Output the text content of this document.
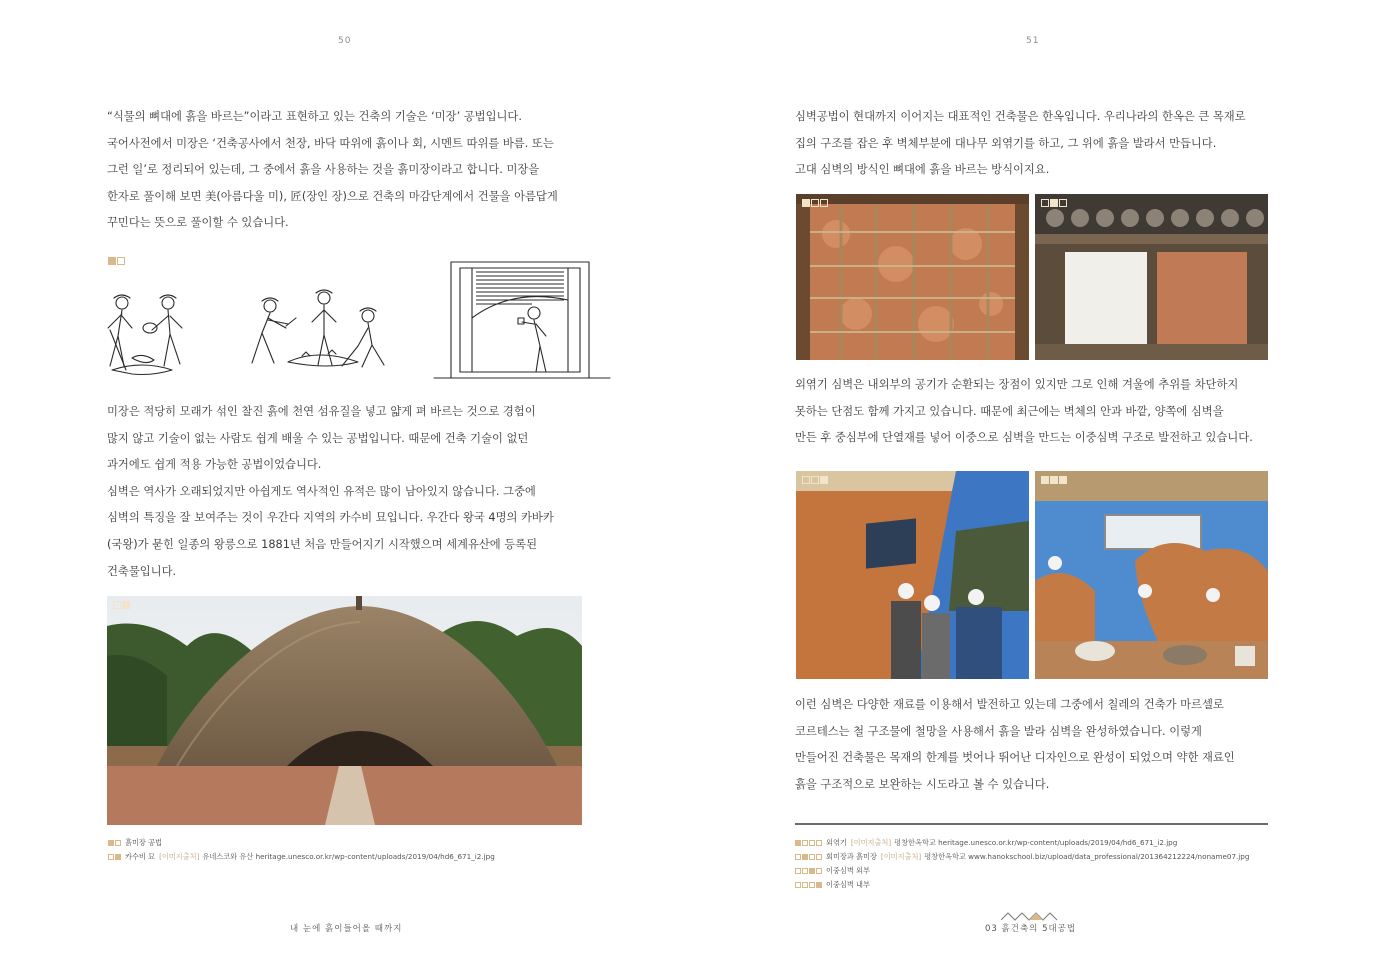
50

“식물의 뼈대에 흙을 바르는”이라고 표현하고 있는 건축의 기술은 ‘미장’ 공법입니다.

국어사전에서 미장은 ‘건축공사에서 천장, 바닥 따위에 흙이나 회, 시멘트 따위를 바름. 또는

그런 일’로 정리되어 있는데, 그 중에서 흙을 사용하는 것을 흙미장이라고 합니다. 미장을

한자로 풀이해 보면 美(아름다울 미), 匠(장인 장)으로 건축의 마감단계에서 건물을 아름답게

꾸민다는 뜻으로 풀이할 수 있습니다.

미장은 적당히 모래가 섞인 찰진 흙에 천연 섬유질을 넣고 얇게 펴 바르는 것으로 경험이

많지 않고 기술이 없는 사람도 쉽게 배울 수 있는 공법입니다. 때문에 건축 기술이 없던

과거에도 쉽게 적용 가능한 공법이었습니다.

심벽은 역사가 오래되었지만 아쉽게도 역사적인 유적은 많이 남아있지 않습니다. 그중에

심벽의 특징을 잘 보여주는 것이 우간다 지역의 카수비 묘입니다. 우간다 왕국 4명의 카바카

(국왕)가 묻힌 일종의 왕릉으로 1881년 처음 만들어지기 시작했으며 세계유산에 등록된

건축물입니다.

흙미장 공법
카수비 묘 [이미지출처] 유네스코와 유산 heritage.unesco.or.kr/wp-content/uploads/2019/04/hd6_671_i2.jpg
내 눈에 흙이들어올 때까지
51

심벽공법이 현대까지 이어지는 대표적인 건축물은 한옥입니다. 우리나라의 한옥은 큰 목재로

집의 구조를 잡은 후 벽체부분에 대나무 외엮기를 하고, 그 위에 흙을 발라서 만듭니다.

고대 심벽의 방식인 뼈대에 흙을 바르는 방식이지요.

외엮기 심벽은 내외부의 공기가 순환되는 장점이 있지만 그로 인해 겨울에 추위를 차단하지

못하는 단점도 함께 가지고 있습니다. 때문에 최근에는 벽체의 안과 바깥, 양쪽에 심벽을

만든 후 중심부에 단열재를 넣어 이중으로 심벽을 만드는 이중심벽 구조로 발전하고 있습니다.

이런 심벽은 다양한 재료를 이용해서 발전하고 있는데 그중에서 칠레의 건축가 마르셀로

코르테스는 철 구조물에 철망을 사용해서 흙을 발라 심벽을 완성하였습니다. 이렇게

만들어진 건축물은 목재의 한계를 벗어나 뛰어난 디자인으로 완성이 되었으며 약한 재료인

흙을 구조적으로 보완하는 시도라고 볼 수 있습니다.

외엮기 [이미지출처] 평창한옥학교 heritage.unesco.or.kr/wp-content/uploads/2019/04/hd6_671_i2.jpg
회미장과 흙미장 [이미지출처] 평창한옥학교 www.hanokschool.biz/upload/data_professional/201364212224/noname07.jpg
이중심벽 외부
이중심벽 내부
03 흙건축의 5대공법
